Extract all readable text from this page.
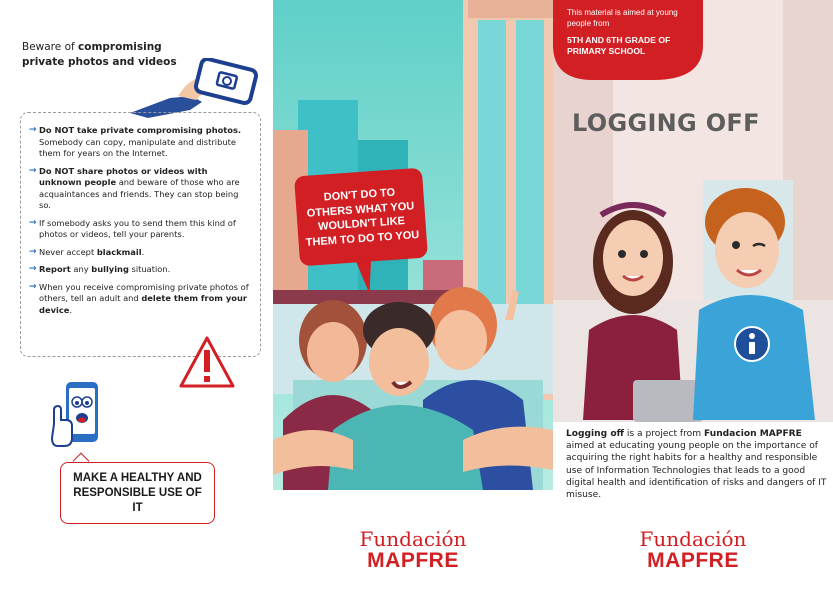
Beware of compromising
private photos and videos
→ Do NOT take private compromising photos. Somebody can copy, manipulate and distribute them for years on the Internet.
→ Do NOT share photos or videos with unknown people and beware of those who are acquaintances and friends. They can stop being so.
→ If somebody asks you to send them this kind of photos or videos, tell your parents.
→ Never accept blackmail.
→ Report any bullying situation.
→ When you receive compromising private photos of others, tell an adult and delete them from your device.
MAKE A HEALTHY AND RESPONSIBLE USE OF IT
DON'T DO TO OTHERS WHAT YOU WOULDN'T LIKE THEM TO DO TO YOU
Fundación
MAPFRE
This material is aimed at young people from
5TH AND 6TH GRADE OF PRIMARY SCHOOL
LOGGING OFF
Logging off is a project from Fundacion MAPFRE aimed at educating young people on the importance of acquiring the right habits for a healthy and responsible use of Information Technologies that leads to a good digital health and identification of risks and dangers of IT misuse.
Fundación
MAPFRE
